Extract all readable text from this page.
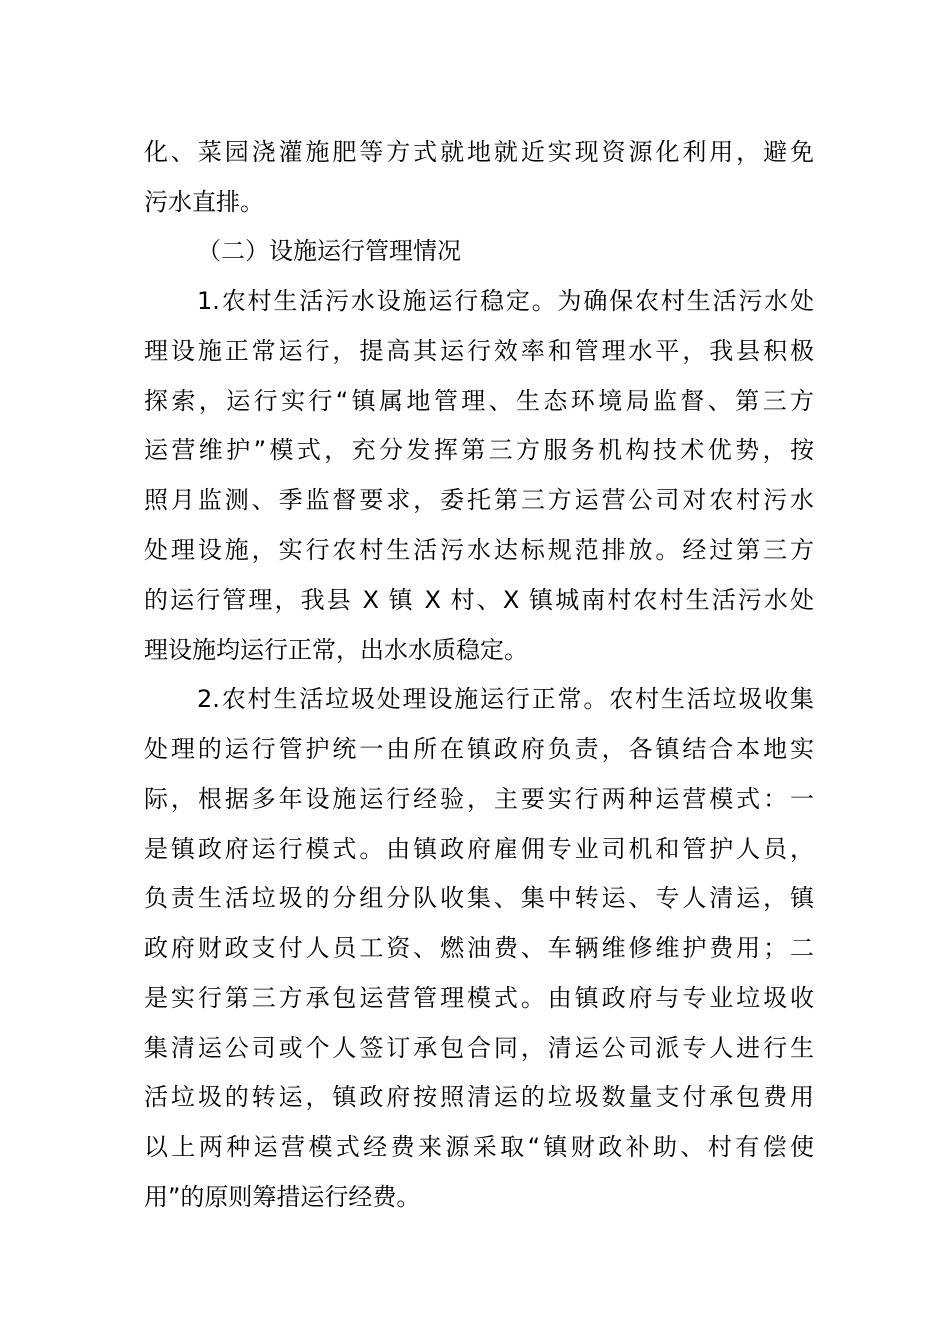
化、菜园浇灌施肥等方式就地就近实现资源化利用，避免
污水直排。
（二）设施运行管理情况
1.农村生活污水设施运行稳定。为确保农村生活污水处
理设施正常运行，提高其运行效率和管理水平，我县积极
探索，运行实行“镇属地管理、生态环境局监督、第三方
运营维护”模式，充分发挥第三方服务机构技术优势，按
照月监测、季监督要求，委托第三方运营公司对农村污水
处理设施，实行农村生活污水达标规范排放。经过第三方
的运行管理，我县 X 镇 X 村、X 镇城南村农村生活污水处
理设施均运行正常，出水水质稳定。
2.农村生活垃圾处理设施运行正常。农村生活垃圾收集
处理的运行管护统一由所在镇政府负责，各镇结合本地实
际，根据多年设施运行经验，主要实行两种运营模式：一
是镇政府运行模式。由镇政府雇佣专业司机和管护人员，
负责生活垃圾的分组分队收集、集中转运、专人清运，镇
政府财政支付人员工资、燃油费、车辆维修维护费用；二
是实行第三方承包运营管理模式。由镇政府与专业垃圾收
集清运公司或个人签订承包合同，清运公司派专人进行生
活垃圾的转运，镇政府按照清运的垃圾数量支付承包费用
以上两种运营模式经费来源采取“镇财政补助、村有偿使
用”的原则筹措运行经费。
